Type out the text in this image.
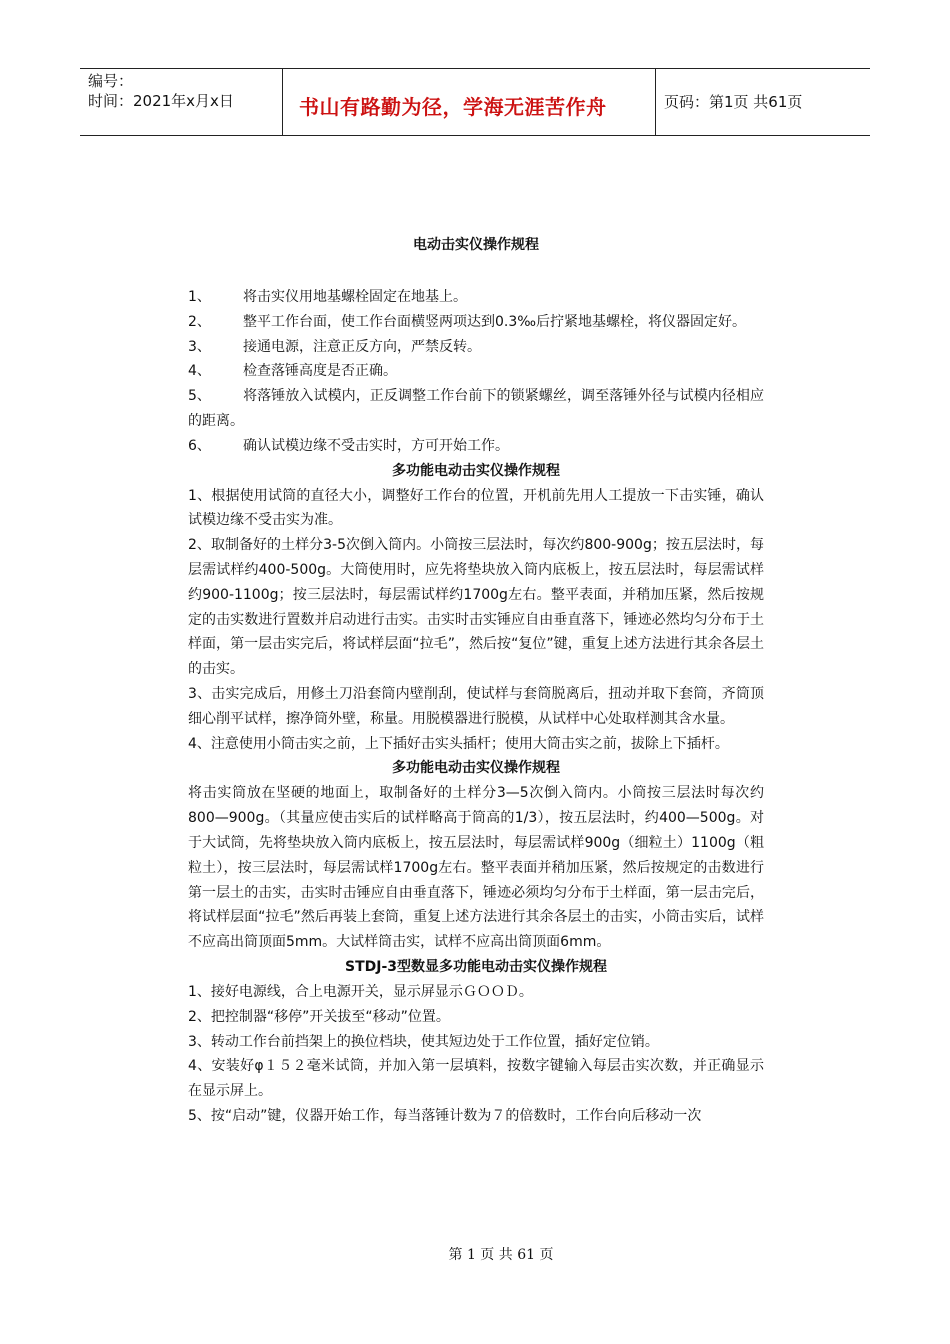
编号：
时间：2021年x月x日	书山有路勤为径，学海无涯苦作舟	页码：第1页 共61页
电动击实仪操作规程

1、 将击实仪用地基螺栓固定在地基上。

2、 整平工作台面，使工作台面横竖两项达到0.3‰后拧紧地基螺栓，将仪器固定好。

3、 接通电源，注意正反方向，严禁反转。

4、 检查落锤高度是否正确。

5、 将落锤放入试模内，正反调整工作台前下的锁紧螺丝，调至落锤外径与试模内径相应的距离。

6、 确认试模边缘不受击实时，方可开始工作。

多功能电动击实仪操作规程

1、根据使用试筒的直径大小，调整好工作台的位置，开机前先用人工提放一下击实锤，确认试模边缘不受击实为准。

2、取制备好的土样分3-5次倒入筒内。小筒按三层法时，每次约800-900g；按五层法时，每层需试样约400-500g。大筒使用时，应先将垫块放入筒内底板上，按五层法时，每层需试样约900-1100g；按三层法时，每层需试样约1700g左右。整平表面，并稍加压紧，然后按规定的击实数进行置数并启动进行击实。击实时击实锤应自由垂直落下，锤迹必然均匀分布于土样面，第一层击实完后，将试样层面“拉毛”，然后按“复位”键，重复上述方法进行其余各层土的击实。

3、击实完成后，用修土刀沿套筒内壁削刮，使试样与套筒脱离后，扭动并取下套筒，齐筒顶细心削平试样，擦净筒外壁，称量。用脱模器进行脱模，从试样中心处取样测其含水量。

4、注意使用小筒击实之前，上下插好击实头插杆；使用大筒击实之前，拔除上下插杆。

多功能电动击实仪操作规程

将击实筒放在坚硬的地面上，取制备好的土样分3—5次倒入筒内。小筒按三层法时每次约800—900g。（其量应使击实后的试样略高于筒高的1/3），按五层法时，约400—500g。对于大试筒，先将垫块放入筒内底板上，按五层法时，每层需试样900g（细粒土）1100g（粗粒土），按三层法时，每层需试样1700g左右。整平表面并稍加压紧，然后按规定的击数进行第一层土的击实，击实时击锤应自由垂直落下，锤迹必须均匀分布于土样面，第一层击完后，将试样层面“拉毛”然后再装上套筒，重复上述方法进行其余各层土的击实，小筒击实后，试样不应高出筒顶面5mm。大试样筒击实，试样不应高出筒顶面6mm。

STDJ-3型数显多功能电动击实仪操作规程

1、接好电源线，合上电源开关，显示屏显示ＧＯＯＤ。

2、把控制器“移停”开关拔至“移动”位置。

3、转动工作台前挡架上的换位档块，使其短边处于工作位置，插好定位销。

4、安装好φ１５２毫米试筒，并加入第一层填料，按数字键输入每层击实次数，并正确显示在显示屏上。

5、按“启动”键，仪器开始工作，每当落锤计数为７的倍数时，工作台向后移动一次

第 1 页 共 61 页
